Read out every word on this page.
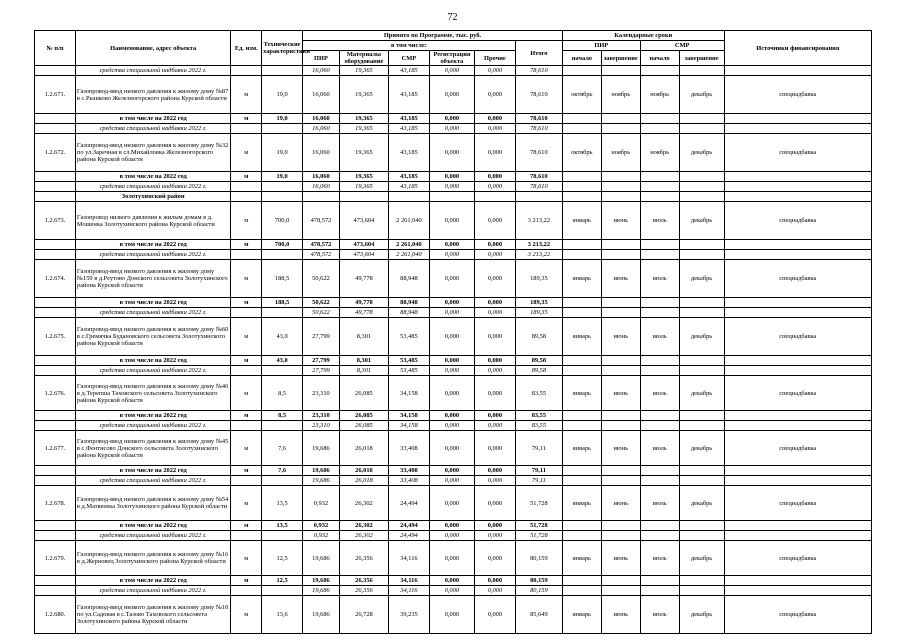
72
№ п/п	Наименование, адрес объекта	Ед. изм.	Технические характеристики	Принято по Программе, тыс. руб.						Календарные сроки				Источники финансирования
				в том числе:					Итого	ПИР		СМР		
				ПИР	Материалы оборудование	СМР	Регистрация объекта	Прочие		начало	завершение	начало	завершение	
	средства специальной надбавки 2022 г.			16,060	19,365	43,185	0,000	0,000	78,610					
1.2.671.	Газопровод-ввод низкого давления к жилому дому №87 в с.Рышково Железногорского района Курской области	м	19,0	16,060	19,365	43,185	0,000	0,000	78,610	октябрь	ноябрь	ноябрь	декабрь	спецнадбавка
	в том числе на 2022 год	м	19,0	16,060	19,365	43,185	0,000	0,000	78,610					
	средства специальной надбавки 2022 г.			16,060	19,365	43,185	0,000	0,000	78,610					
1.2.672.	Газопровод-ввод низкого давления к жилому дому №32 по ул.Заречная в сл.Михайловка Железногорского района Курской области	м	19,0	16,060	19,365	43,185	0,000	0,000	78,610	октябрь	ноябрь	ноябрь	декабрь	спецнадбавка
	в том числе на 2022 год	м	19,0	16,060	19,365	43,185	0,000	0,000	78,610					
	средства специальной надбавки 2022 г.			16,060	19,365	43,185	0,000	0,000	78,610					
	Золотухинский район													
1.2.673.	Газопровод низкого давления к жилым домам в д. Мошенка Золотухинского района Курской области	м	700,0	478,572	473,604	2 261,040	0,000	0,000	3 213,22	январь	июнь	июль	декабрь	спецнадбавка
	в том числе на 2022 год	м	700,0	478,572	473,604	2 261,040	0,000	0,000	3 213,22					
	средства специальной надбавки 2022 г.			478,572	473,604	2 261,040	0,000	0,000	3 213,22					
1.2.674.	Газопровод-ввод низкого давления к жилому дому №159 в д.Реутово Донского сельсовета Золотухинского района Курской области	м	188,5	50,622	49,778	88,948	0,000	0,000	189,35	январь	июнь	июль	декабрь	спецнадбавка
	в том числе на 2022 год	м	188,5	50,622	49,778	88,948	0,000	0,000	189,35					
	средства специальной надбавки 2022 г.			50,622	49,778	88,948	0,000	0,000	189,35					
1.2.675.	Газопровод-ввод низкого давления к жилому дому №60 в с.Гремячка Будановского сельсовета Золотухинского района Курской области	м	43,0	27,799	8,301	53,485	0,000	0,000	89,58	январь	июнь	июль	декабрь	спецнадбавка
	в том числе на 2022 год	м	43,0	27,799	8,301	53,485	0,000	0,000	89,58					
	средства специальной надбавки 2022 г.			27,799	8,301	53,485	0,000	0,000	89,58					
1.2.676.	Газопровод-ввод низкого давления к жилому дому №46 в д.Терепша Таховского сельсовета Золотухинского района Курской области	м	8,5	23,310	26,085	34,158	0,000	0,000	83,55	январь	июнь	июль	декабрь	спецнадбавка
	в том числе на 2022 год	м	8,5	23,310	26,085	34,158	0,000	0,000	83,55					
	средства специальной надбавки 2022 г.			23,310	26,085	34,158	0,000	0,000	83,55					
1.2.677.	Газопровод-ввод низкого давления к жилому дому №45 в с.Фентисово Донского сельсовета Золотухинского района Курской области	м	7,6	19,686	26,018	33,408	0,000	0,000	79,11	январь	июнь	июль	декабрь	спецнадбавка
	в том числе на 2022 год	м	7,6	19,686	26,018	33,408	0,000	0,000	79,11					
	средства специальной надбавки 2022 г.			19,686	26,018	33,408	0,000	0,000	79,11					
1.2.678.	Газопровод-ввод низкого давления к жилому дому №54 в д.Матвеевка Золотухинского района Курской области	м	13,5	0,932	26,302	24,494	0,000	0,000	51,728	январь	июнь	июль	декабрь	спецнадбавка
	в том числе на 2022 год	м	13,5	0,932	26,302	24,494	0,000	0,000	51,728					
	средства специальной надбавки 2022 г.			0,932	26,302	24,494	0,000	0,000	51,728					
1.2.679.	Газопровод-ввод низкого давления к жилому дому №16 в д.Жерновец Золотухинского района Курской области	м	12,5	19,686	26,356	34,116	0,000	0,000	80,159	январь	июнь	июль	декабрь	спецнадбавка
	в том числе на 2022 год	м	12,5	19,686	26,356	34,116	0,000	0,000	80,159					
	средства специальной надбавки 2022 г.			19,686	26,356	34,116	0,000	0,000	80,159					
1.2.680.	Газопровод-ввод низкого давления к жилому дому №10 по ул.Садовая в с.Тазово Таховского сельсовета Золотухинского района Курской области	м	13,6	19,686	26,728	39,235	0,000	0,000	85,649	январь	июнь	июль	декабрь	спецнадбавка
